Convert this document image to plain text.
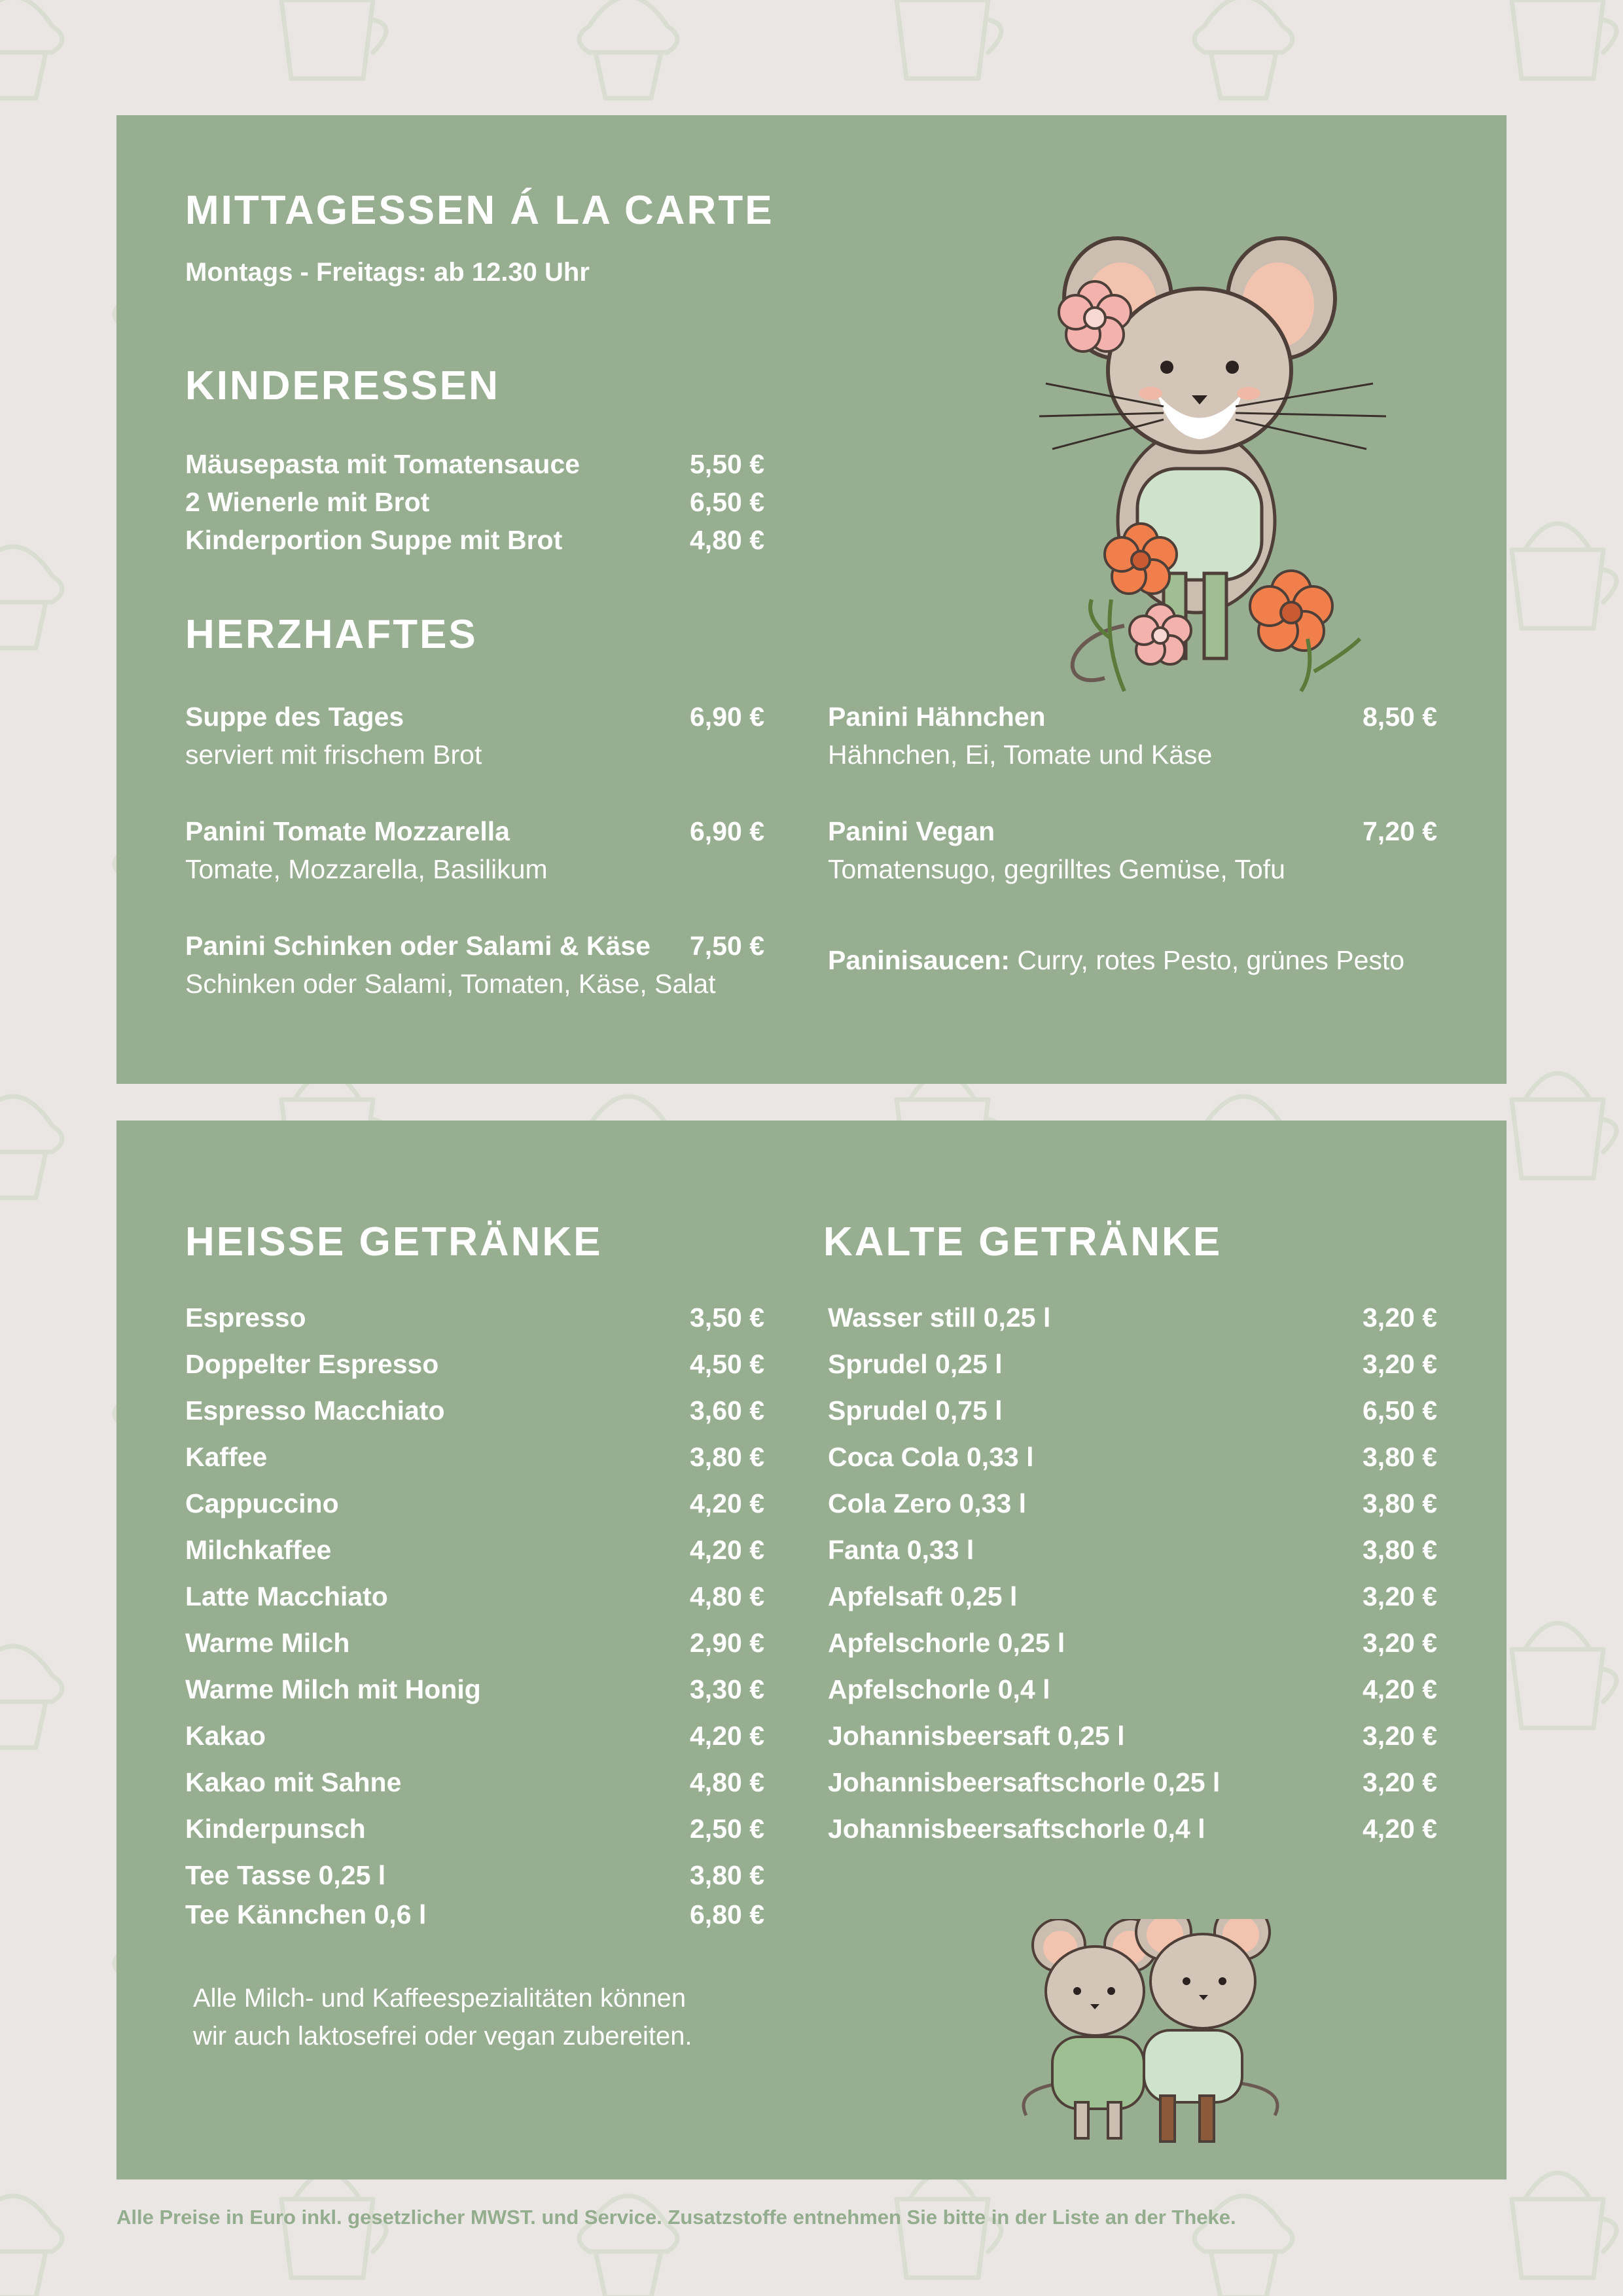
MITTAGESSEN Á LA CARTE
Montags - Freitags: ab 12.30 Uhr
KINDERESSEN
Mäusepasta mit Tomatensauce	5,50 €
2 Wienerle mit Brot	6,50 €
Kinderportion Suppe mit Brot	4,80 €
HERZHAFTES
Suppe des Tages	6,90 €
serviert mit frischem Brot
Panini Tomate Mozzarella	6,90 €
Tomate, Mozzarella, Basilikum
Panini Schinken oder Salami & Käse	7,50 €
Schinken oder Salami, Tomaten, Käse, Salat
Panini Hähnchen	8,50 €
Hähnchen, Ei, Tomate und Käse
Panini Vegan	7,20 €
Tomatensugo, gegrilltes Gemüse, Tofu
Paninisaucen: Curry, rotes Pesto, grünes Pesto
HEISSE GETRÄNKE	KALTE GETRÄNKE
Espresso	3,50 €
Doppelter Espresso	4,50 €
Espresso Macchiato	3,60 €
Kaffee	3,80 €
Cappuccino	4,20 €
Milchkaffee	4,20 €
Latte Macchiato	4,80 €
Warme Milch	2,90 €
Warme Milch mit Honig	3,30 €
Kakao	4,20 €
Kakao mit Sahne	4,80 €
Kinderpunsch	2,50 €
Tee Tasse 0,25 l	3,80 €
Tee Kännchen 0,6 l	6,80 €
Wasser still 0,25 l	3,20 €
Sprudel 0,25 l	3,20 €
Sprudel 0,75 l	6,50 €
Coca Cola 0,33 l	3,80 €
Cola Zero 0,33 l	3,80 €
Fanta 0,33 l	3,80 €
Apfelsaft 0,25 l	3,20 €
Apfelschorle 0,25 l	3,20 €
Apfelschorle 0,4 l	4,20 €
Johannisbeersaft 0,25 l	3,20 €
Johannisbeersaftschorle 0,25 l	3,20 €
Johannisbeersaftschorle 0,4 l	4,20 €
Alle Milch- und Kaffeespezialitäten können wir auch laktosefrei oder vegan zubereiten.
Alle Preise in Euro inkl. gesetzlicher MWST. und Service. Zusatzstoffe entnehmen Sie bitte in der Liste an der Theke.
